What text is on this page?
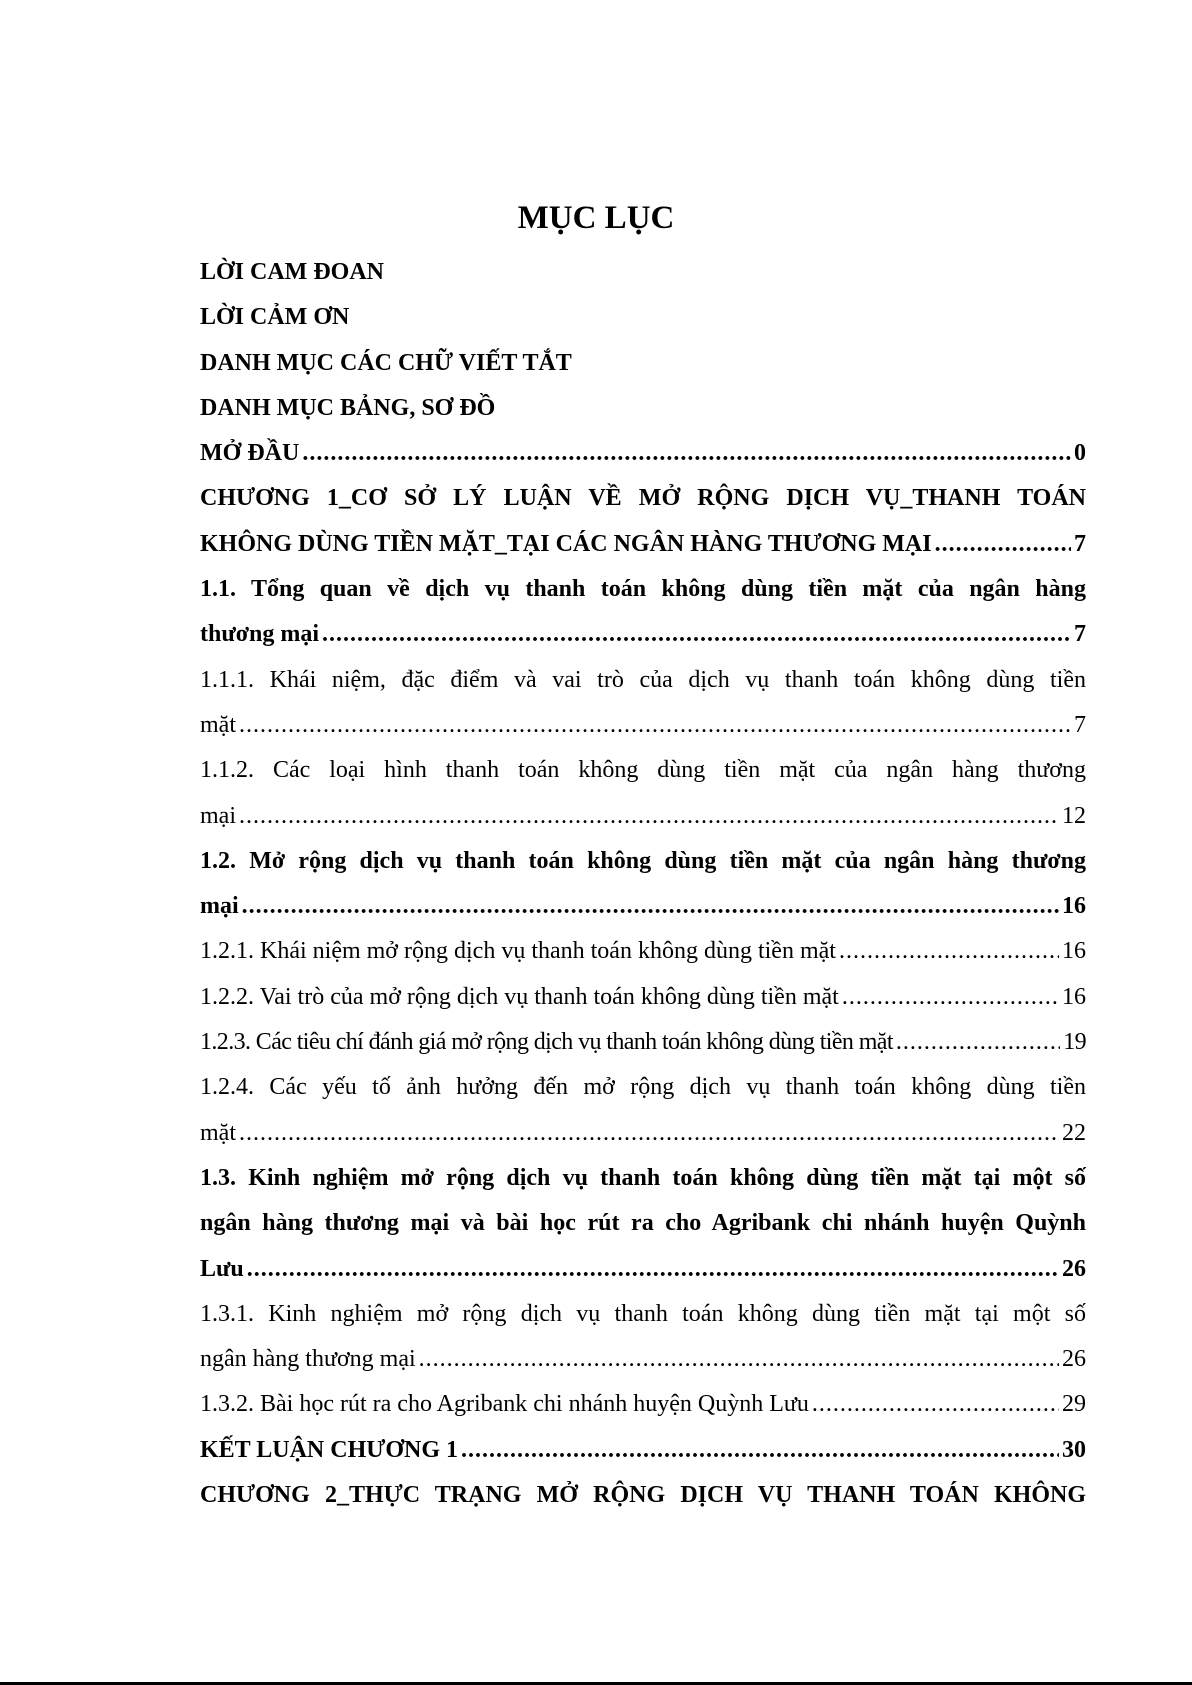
MỤC LỤC
LỜI CAM ĐOAN
LỜI CẢM ƠN
DANH MỤC CÁC CHỮ VIẾT TẮT
DANH MỤC BẢNG, SƠ ĐỒ
MỞ ĐẦU .....	0
CHƯƠNG 1_CƠ SỞ LÝ LUẬN VỀ MỞ RỘNG DỊCH VỤ_THANH TOÁN
KHÔNG DÙNG TIỀN MẶT_TẠI CÁC NGÂN HÀNG THƯƠNG MẠI .....	7
1.1. Tổng quan về dịch vụ thanh toán không dùng tiền mặt của ngân hàng
thương mại .....	7
1.1.1. Khái niệm, đặc điểm và vai trò của dịch vụ thanh toán không dùng tiền
mặt .....	7
1.1.2. Các loại hình thanh toán không dùng tiền mặt của ngân hàng thương
mại .....	12
1.2. Mở rộng dịch vụ thanh toán không dùng tiền mặt của ngân hàng thương
mại .....	16
1.2.1. Khái niệm mở rộng dịch vụ thanh toán không dùng tiền mặt .....	16
1.2.2. Vai trò của mở rộng dịch vụ thanh toán không dùng tiền mặt .....	16
1.2.3. Các tiêu chí đánh giá mở rộng dịch vụ thanh toán không dùng tiền mặt .....	19
1.2.4. Các yếu tố ảnh hưởng đến mở rộng dịch vụ thanh toán không dùng tiền
mặt .....	22
1.3. Kinh nghiệm mở rộng dịch vụ thanh toán không dùng tiền mặt tại một số
ngân hàng thương mại và bài học rút ra cho Agribank chi nhánh huyện Quỳnh
Lưu .....	26
1.3.1. Kinh nghiệm mở rộng dịch vụ thanh toán không dùng tiền mặt tại một số
ngân hàng thương mại .....	26
1.3.2. Bài học rút ra cho Agribank chi nhánh huyện Quỳnh Lưu .....	29
KẾT LUẬN CHƯƠNG 1 .....	30
CHƯƠNG 2_THỰC TRẠNG MỞ RỘNG DỊCH VỤ THANH TOÁN KHÔNG
